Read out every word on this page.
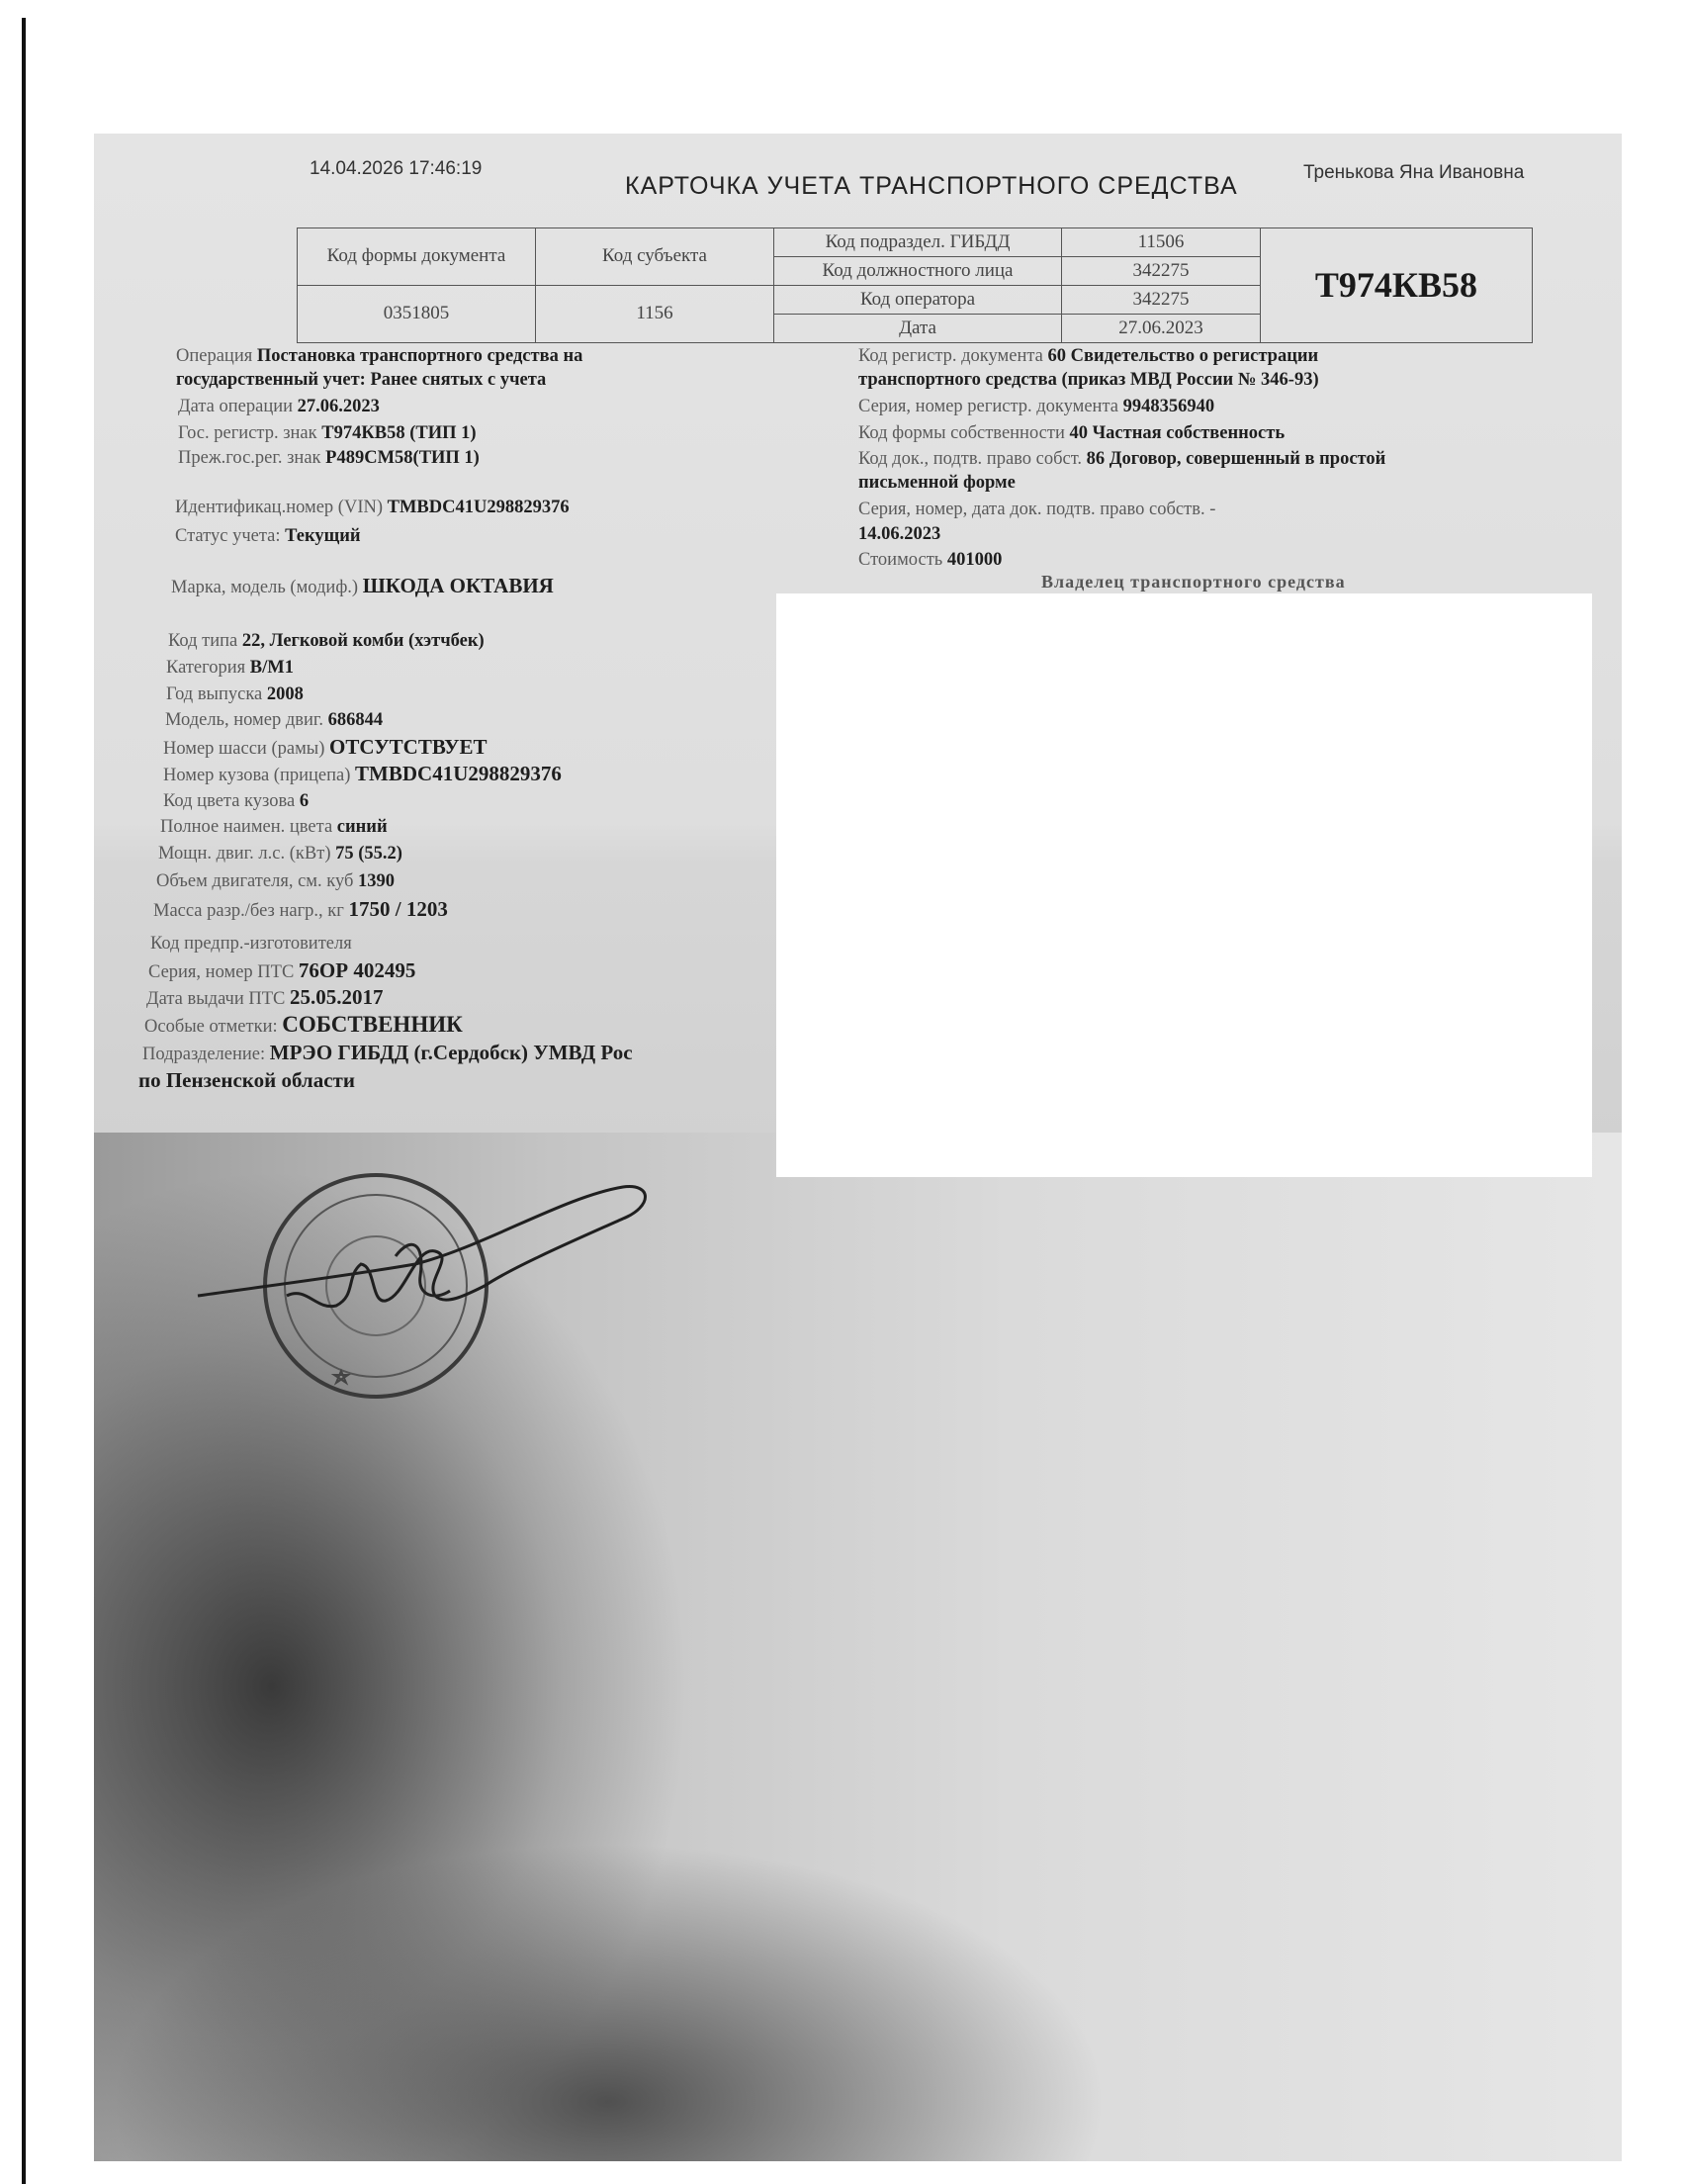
14.04.2026 17:46:19
КАРТОЧКА УЧЕТА ТРАНСПОРТНОГО СРЕДСТВА	Тренькова Яна Ивановна
Код формы документа	Код субъекта	Код подраздел. ГИБДД	11506	Т974КВ58
		Код должностного лица	342275	
0351805	1156	Код оператора	342275	
		Дата	27.06.2023	
Операция Постановка транспортного средства на
государственный учет: Ранее снятых с учета
Дата операции 27.06.2023
Гос. регистр. знак Т974КВ58 (ТИП 1)
Преж.гос.рег. знак Р489СМ58(ТИП 1)
Идентификац.номер (VIN) TMBDC41U298829376
Статус учета: Текущий
Марка, модель (модиф.) ШКОДА ОКТАВИЯ
Код типа 22, Легковой комби (хэтчбек)
Категория B/M1
Год выпуска 2008
Модель, номер двиг. 686844
Номер шасси (рамы) ОТСУТСТВУЕТ
Номер кузова (прицепа) TMBDC41U298829376
Код цвета кузова 6
Полное наимен. цвета синий
Мощн. двиг. л.с. (кВт) 75 (55.2)
Объем двигателя, см. куб 1390
Масса разр./без нагр., кг 1750 / 1203
Код предпр.-изготовителя
Серия, номер ПТС 76ОР 402495
Дата выдачи ПТС 25.05.2017
Особые отметки: СОБСТВЕННИК
Подразделение: МРЭО ГИБДД (г.Сердобск) УМВД Рос
по Пензенской области
Код регистр. документа 60 Свидетельство о регистрации
транспортного средства (приказ МВД России № 346-93)
Серия, номер регистр. документа 9948356940
Код формы собственности 40 Частная собственность
Код док., подтв. право собст. 86 Договор, совершенный в простой
письменной форме
Серия, номер, дата док. подтв. право собств. -
14.06.2023
Стоимость 401000
Владелец транспортного средства
